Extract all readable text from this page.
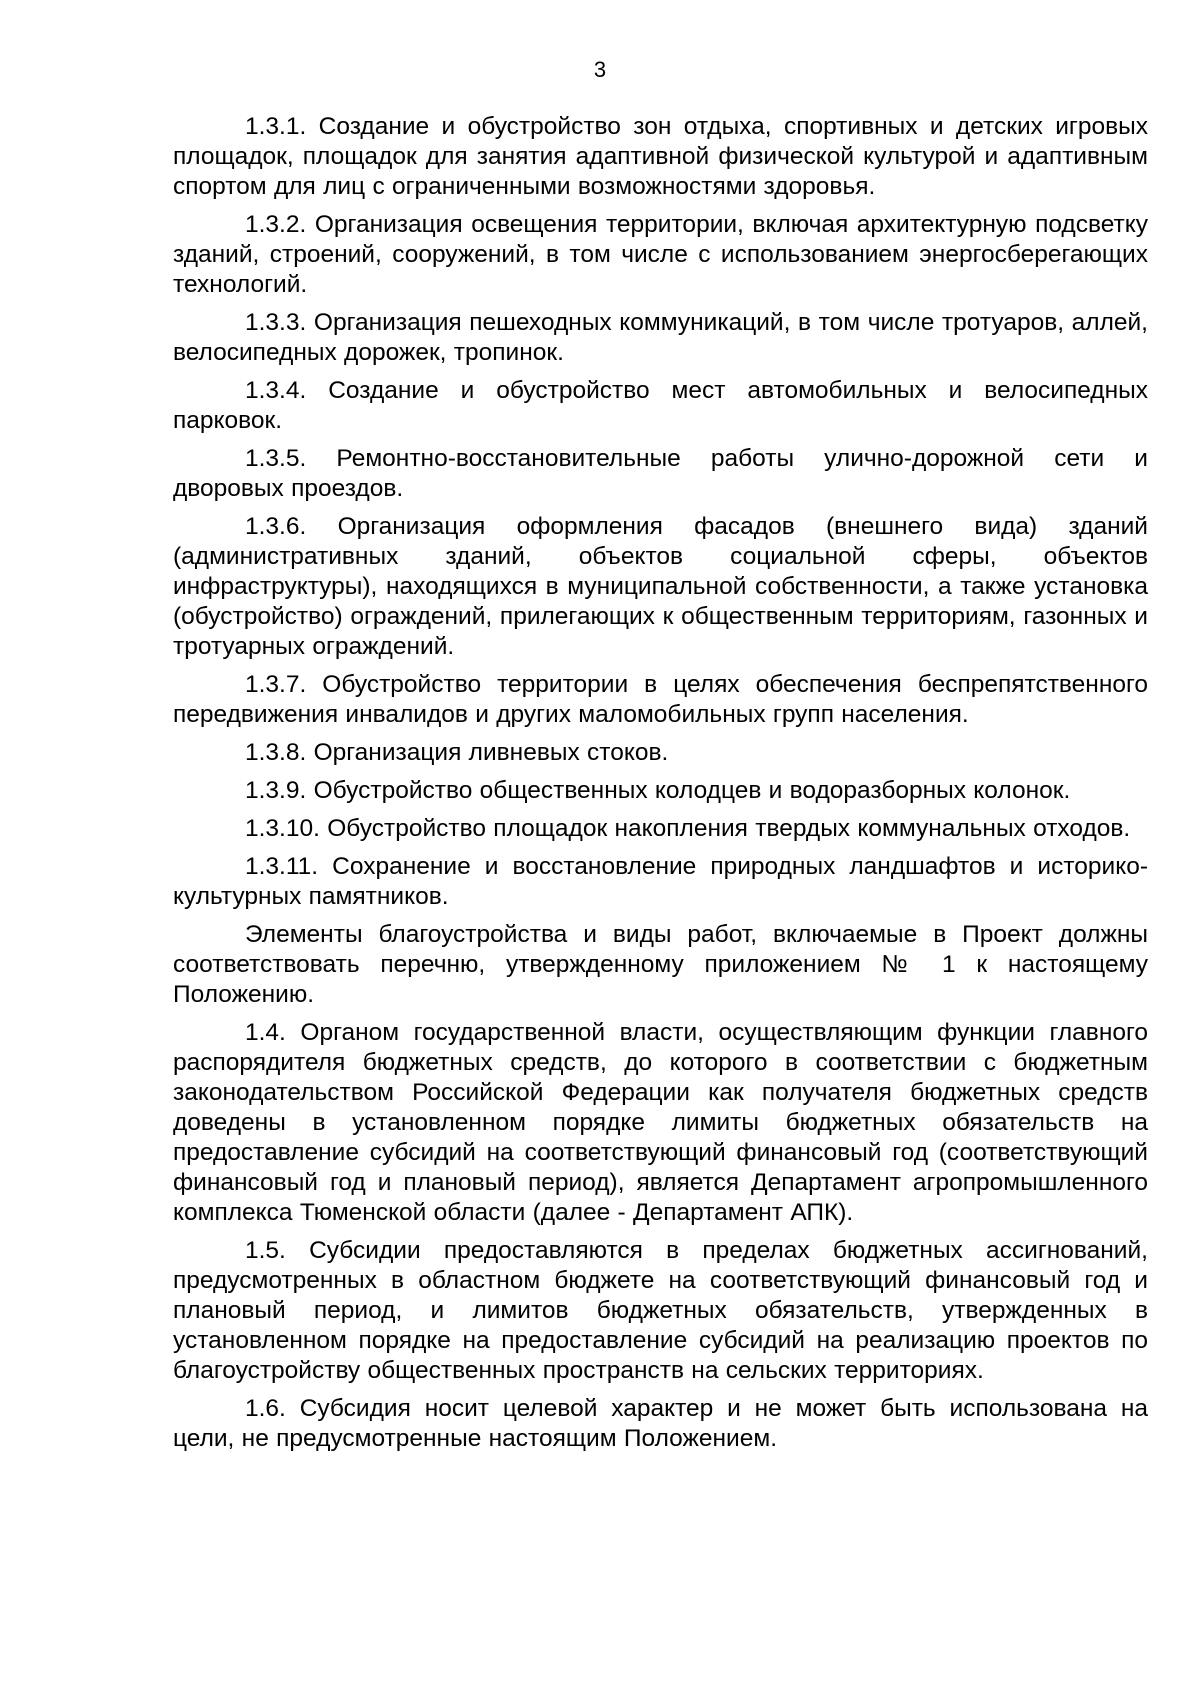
3

1.3.1. Создание и обустройство зон отдыха, спортивных и детских игровых площадок, площадок для занятия адаптивной физической культурой и адаптивным спортом для лиц с ограниченными возможностями здоровья.

1.3.2. Организация освещения территории, включая архитектурную подсветку зданий, строений, сооружений, в том числе с использованием энергосберегающих технологий.

1.3.3. Организация пешеходных коммуникаций, в том числе тротуаров, аллей, велосипедных дорожек, тропинок.

1.3.4. Создание и обустройство мест автомобильных и велосипедных парковок.

1.3.5. Ремонтно-восстановительные работы улично-дорожной сети и дворовых проездов.

1.3.6. Организация оформления фасадов (внешнего вида) зданий (административных зданий, объектов социальной сферы, объектов инфраструктуры), находящихся в муниципальной собственности, а также установка (обустройство) ограждений, прилегающих к общественным территориям, газонных и тротуарных ограждений.

1.3.7. Обустройство территории в целях обеспечения беспрепятственного передвижения инвалидов и других маломобильных групп населения.

1.3.8. Организация ливневых стоков.

1.3.9. Обустройство общественных колодцев и водоразборных колонок.

1.3.10. Обустройство площадок накопления твердых коммунальных отходов.

1.3.11. Сохранение и восстановление природных ландшафтов и историко-культурных памятников.

Элементы благоустройства и виды работ, включаемые в Проект должны соответствовать перечню, утвержденному приложением № 1 к настоящему Положению.

1.4. Органом государственной власти, осуществляющим функции главного распорядителя бюджетных средств, до которого в соответствии с бюджетным законодательством Российской Федерации как получателя бюджетных средств доведены в установленном порядке лимиты бюджетных обязательств на предоставление субсидий на соответствующий финансовый год (соответствующий финансовый год и плановый период), является Департамент агропромышленного комплекса Тюменской области (далее - Департамент АПК).

1.5. Субсидии предоставляются в пределах бюджетных ассигнований, предусмотренных в областном бюджете на соответствующий финансовый год и плановый период, и лимитов бюджетных обязательств, утвержденных в установленном порядке на предоставление субсидий на реализацию проектов по благоустройству общественных пространств на сельских территориях.

1.6. Субсидия носит целевой характер и не может быть использована на цели, не предусмотренные настоящим Положением.
